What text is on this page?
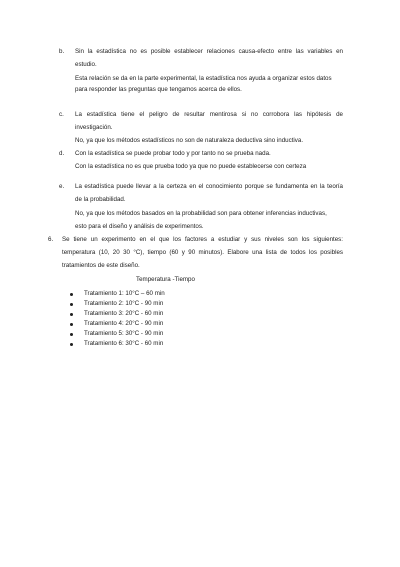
b. Sin la estadística no es posible establecer relaciones causa-efecto entre las variables en
estudio.
Esta relación se da en la parte experimental, la estadística nos ayuda a organizar estos datos
para responder las preguntas que tengamos acerca de ellos.
c. La estadística tiene el peligro de resultar mentirosa si no corrobora las hipótesis de
investigación.
No, ya que los métodos estadísticos no son de naturaleza deductiva sino inductiva.
d. Con la estadística se puede probar todo y por tanto no se prueba nada.
Con la estadística no es que prueba todo ya que no puede establecerse con certeza
e. La estadística puede llevar a la certeza en el conocimiento porque se fundamenta en la teoría
de la probabilidad.
No, ya que los métodos basados en la probabilidad son para obtener inferencias inductivas,
esto para el diseño y análisis de experimentos.
6. Se tiene un experimento en el que los factores a estudiar y sus niveles son los siguientes:
temperatura (10, 20 30 °C), tiempo (60 y 90 minutos). Elabore una lista de todos los posibles
tratamientos de este diseño.
Temperatura -Tiempo
Tratamiento 1: 10°C – 60 min
Tratamiento 2: 10°C - 90 min
Tratamiento 3: 20°C - 60 min
Tratamiento 4: 20°C - 90 min
Tratamiento 5: 30°C - 90 min
Tratamiento 6: 30°C - 60 min
